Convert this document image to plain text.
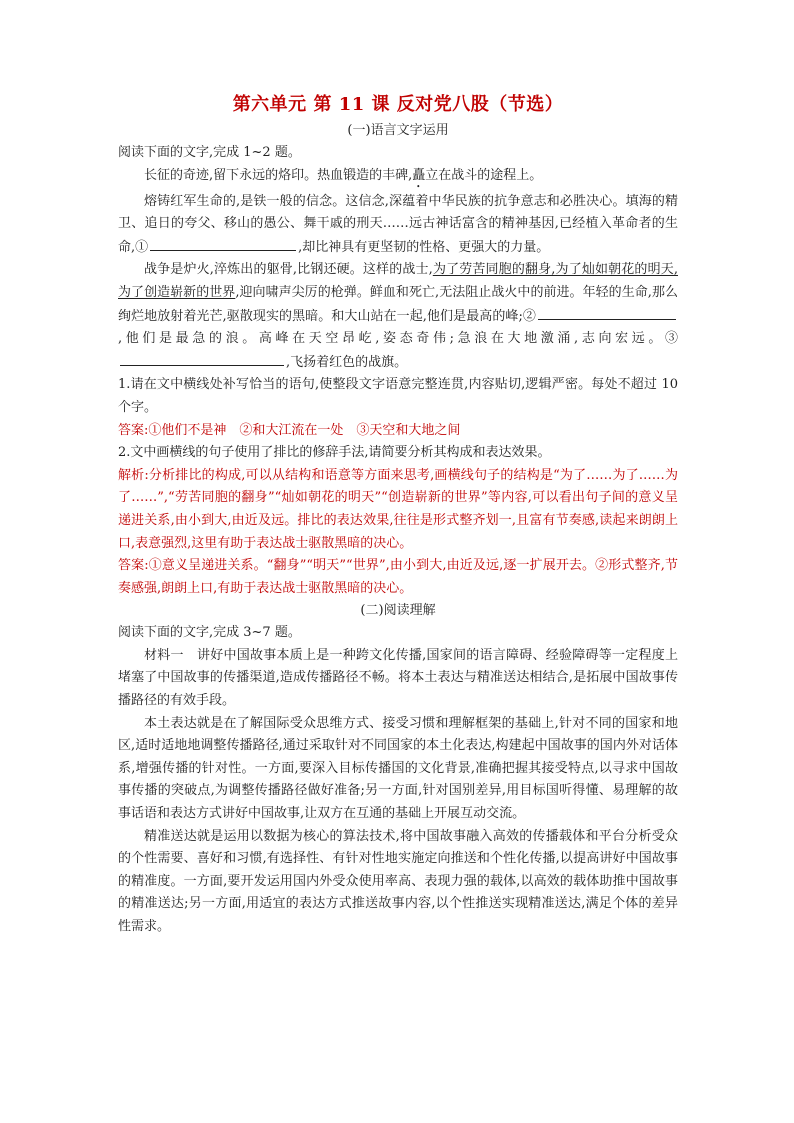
第六单元 第 11 课 反对党八股（节选）
(一)语言文字运用

阅读下面的文字,完成 1~2 题。

长征的奇迹,留下永远的烙印。热血锻造的丰碑,矗立在战斗的途程上。

熔铸红军生命的,是铁一般的信念。这信念,深蕴着中华民族的抗争意志和必胜决心。填海的精卫、追日的夸父、移山的愚公、舞干戚的刑天……远古神话富含的精神基因,已经植入革命者的生命,①	,却比神具有更坚韧的性格、更强大的力量。

战争是炉火,淬炼出的躯骨,比钢还硬。这样的战士,为了劳苦同胞的翻身,为了灿如朝花的明天,为了创造崭新的世界,迎向啸声尖厉的枪弹。鲜血和死亡,无法阻止战火中的前进。年轻的生命,那么绚烂地放射着光芒,驱散现实的黑暗。和大山站在一起,他们是最高的峰;②,他们是最急的浪。高峰在天空昂屹,姿态奇伟;急浪在大地激涌,志向宏远。③,飞扬着红色的战旗。

1.请在文中横线处补写恰当的语句,使整段文字语意完整连贯,内容贴切,逻辑严密。每处不超过 10 个字。

答案:①他们不是神　②和大江流在一处　③天空和大地之间

2.文中画横线的句子使用了排比的修辞手法,请简要分析其构成和表达效果。

解析:分析排比的构成,可以从结构和语意等方面来思考,画横线句子的结构是“为了……为了……为了……”,“劳苦同胞的翻身”“灿如朝花的明天”“创造崭新的世界”等内容,可以看出句子间的意义呈递进关系,由小到大,由近及远。排比的表达效果,往往是形式整齐划一,且富有节奏感,读起来朗朗上口,表意强烈,这里有助于表达战士驱散黑暗的决心。

答案:①意义呈递进关系。“翻身”“明天”“世界”,由小到大,由近及远,逐一扩展开去。②形式整齐,节奏感强,朗朗上口,有助于表达战士驱散黑暗的决心。

(二)阅读理解

阅读下面的文字,完成 3~7 题。

材料一　讲好中国故事本质上是一种跨文化传播,国家间的语言障碍、经验障碍等一定程度上堵塞了中国故事的传播渠道,造成传播路径不畅。将本土表达与精准送达相结合,是拓展中国故事传播路径的有效手段。

本土表达就是在了解国际受众思维方式、接受习惯和理解框架的基础上,针对不同的国家和地区,适时适地地调整传播路径,通过采取针对不同国家的本土化表达,构建起中国故事的国内外对话体系,增强传播的针对性。一方面,要深入目标传播国的文化背景,准确把握其接受特点,以寻求中国故事传播的突破点,为调整传播路径做好准备;另一方面,针对国别差异,用目标国听得懂、易理解的故事话语和表达方式讲好中国故事,让双方在互通的基础上开展互动交流。

精准送达就是运用以数据为核心的算法技术,将中国故事融入高效的传播载体和平台分析受众的个性需要、喜好和习惯,有选择性、有针对性地实施定向推送和个性化传播,以提高讲好中国故事的精准度。一方面,要开发运用国内外受众使用率高、表现力强的载体,以高效的载体助推中国故事的精准送达;另一方面,用适宜的表达方式推送故事内容,以个性推送实现精准送达,满足个体的差异性需求。
